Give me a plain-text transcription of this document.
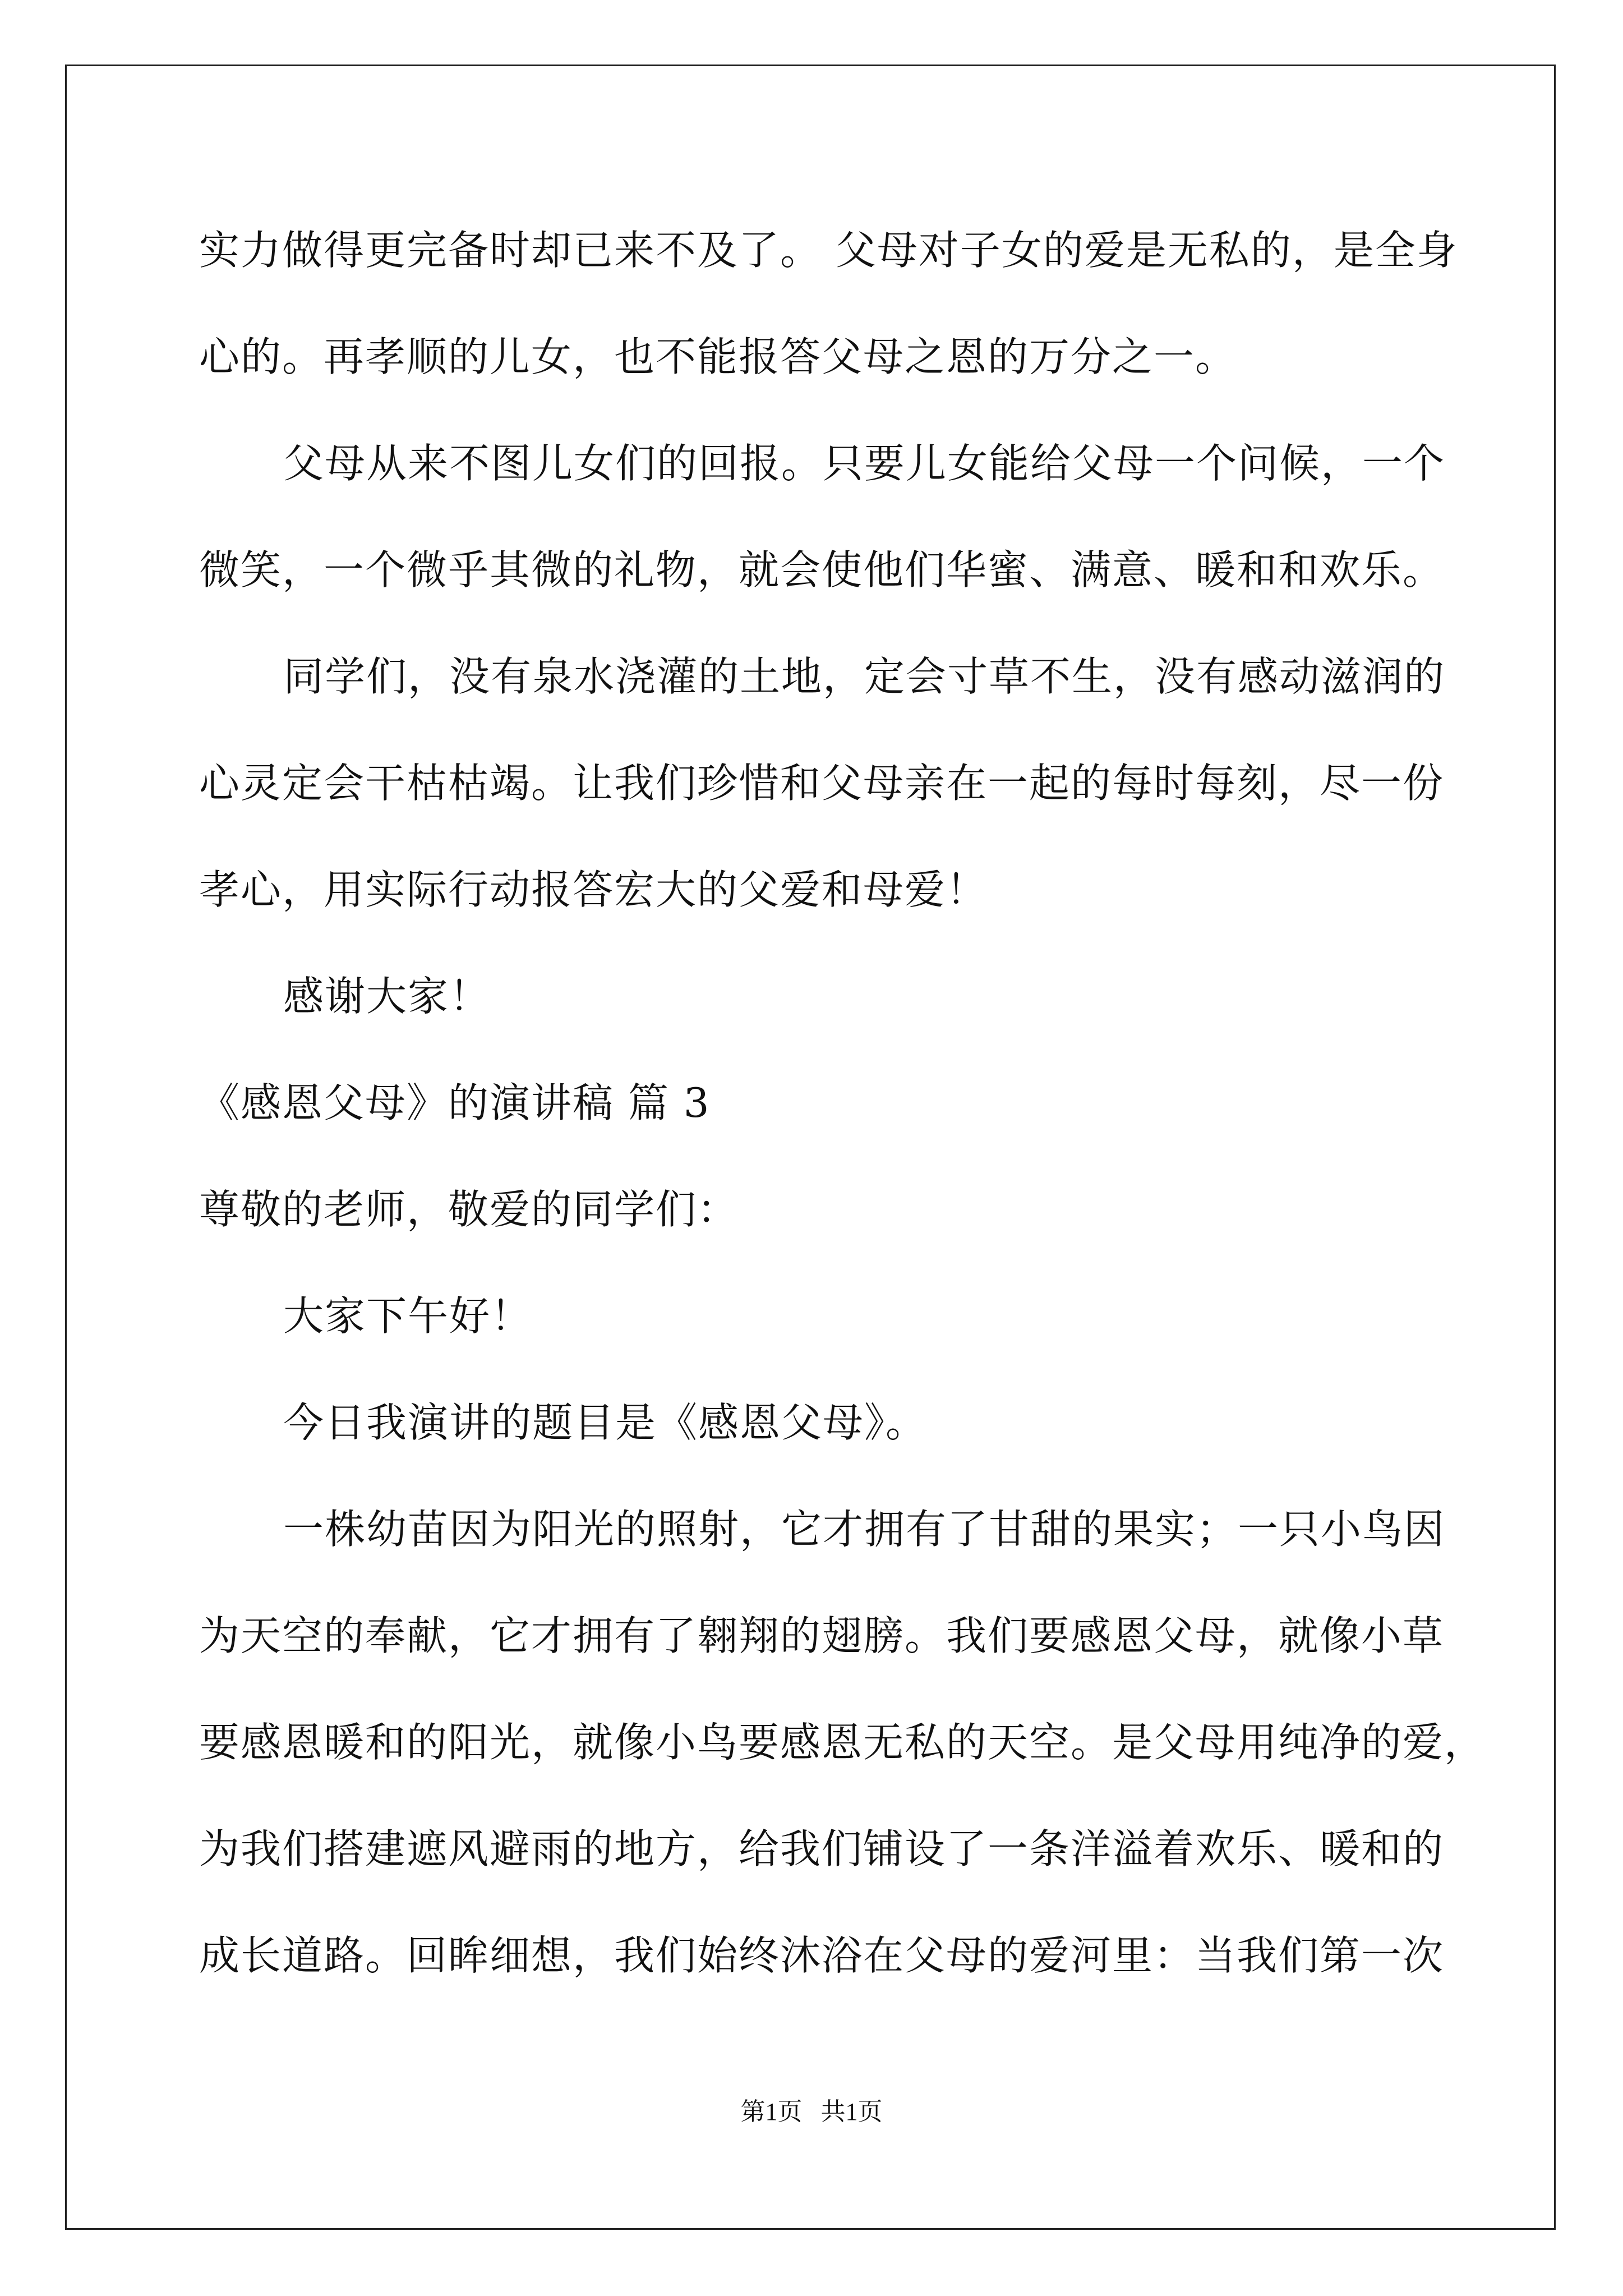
实力做得更完备时却已来不及了。 父母对子女的爱是无私的，是全身
心的。再孝顺的儿女，也不能报答父母之恩的万分之一。
父母从来不图儿女们的回报。只要儿女能给父母一个问候，一个
微笑，一个微乎其微的礼物，就会使他们华蜜、满意、暖和和欢乐。
同学们，没有泉水浇灌的土地，定会寸草不生，没有感动滋润的
心灵定会干枯枯竭。让我们珍惜和父母亲在一起的每时每刻，尽一份
孝心，用实际行动报答宏大的父爱和母爱！
感谢大家！
《感恩父母》的演讲稿 篇 3
尊敬的老师，敬爱的同学们：
大家下午好！
今日我演讲的题目是《感恩父母》。
一株幼苗因为阳光的照射，它才拥有了甘甜的果实；一只小鸟因
为天空的奉献，它才拥有了翱翔的翅膀。我们要感恩父母，就像小草
要感恩暖和的阳光，就像小鸟要感恩无私的天空。是父母用纯净的爱，
为我们搭建遮风避雨的地方，给我们铺设了一条洋溢着欢乐、暖和的
成长道路。回眸细想，我们始终沐浴在父母的爱河里：当我们第一次
第1页   共1页
